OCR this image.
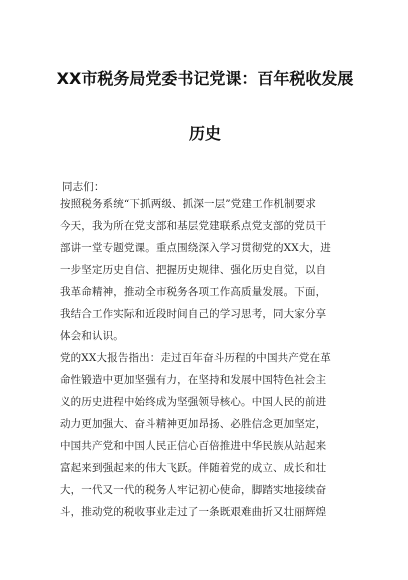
XX市税务局党委书记党课：百年税收发展
历史
同志们：
按照税务系统“下抓两级、抓深一层”党建工作机制要求
今天，我为所在党支部和基层党建联系点党支部的党员干
部讲一堂专题党课。重点围绕深入学习贯彻党的XX大，进
一步坚定历史自信、把握历史规律、强化历史自觉，以自
我革命精神，推动全市税务各项工作高质量发展。下面，
我结合工作实际和近段时间自己的学习思考，同大家分享
体会和认识。
党的XX大报告指出：走过百年奋斗历程的中国共产党在革
命性锻造中更加坚强有力，在坚持和发展中国特色社会主
义的历史进程中始终成为坚强领导核心。中国人民的前进
动力更加强大、奋斗精神更加昂扬、必胜信念更加坚定，
中国共产党和中国人民正信心百倍推进中华民族从站起来
富起来到强起来的伟大飞跃。伴随着党的成立、成长和壮
大，一代又一代的税务人牢记初心使命，脚踏实地接续奋
斗，推动党的税收事业走过了一条既艰难曲折又壮丽辉煌
